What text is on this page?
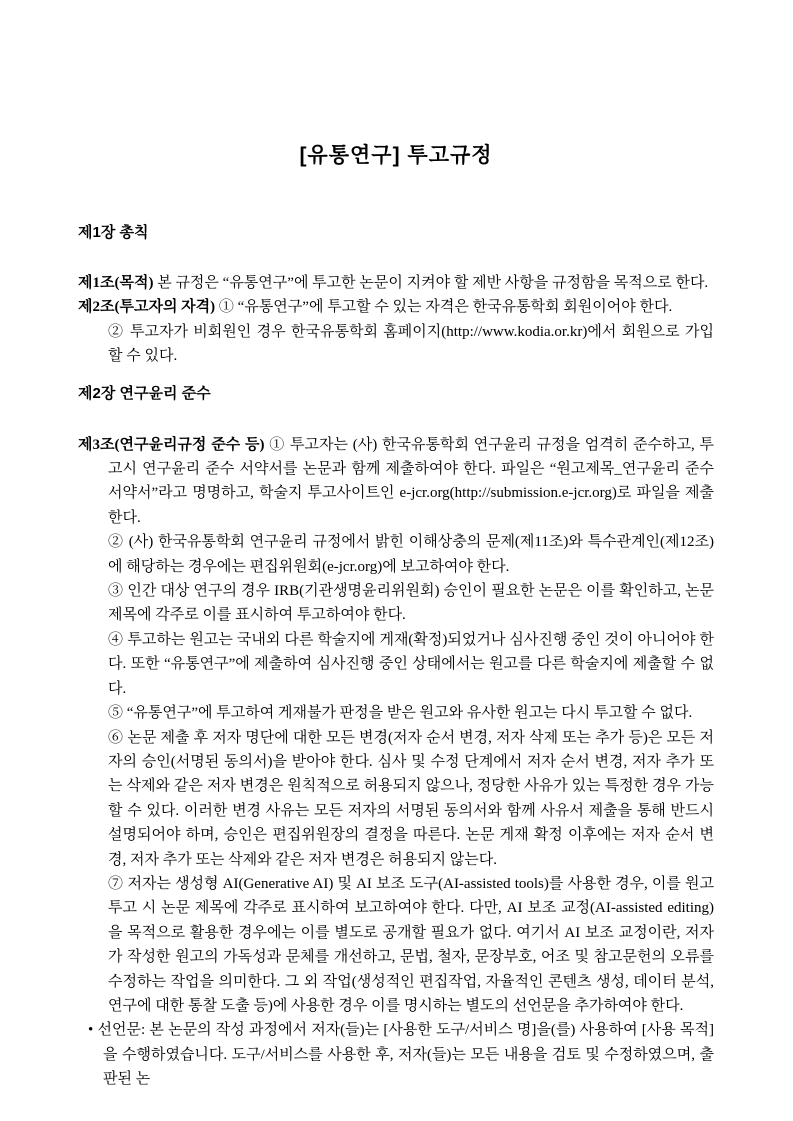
[유통연구] 투고규정
제1장 총칙
제1조(목적) 본 규정은 “유통연구”에 투고한 논문이 지켜야 할 제반 사항을 규정함을 목적으로 한다.
제2조(투고자의 자격) ① “유통연구”에 투고할 수 있는 자격은 한국유통학회 회원이어야 한다.
② 투고자가 비회원인 경우 한국유통학회 홈페이지(http://www.kodia.or.kr)에서 회원으로 가입할 수 있다.
제2장 연구윤리 준수
제3조(연구윤리규정 준수 등) ① 투고자는 (사) 한국유통학회 연구윤리 규정을 엄격히 준수하고, 투고시 연구윤리 준수 서약서를 논문과 함께 제출하여야 한다. 파일은 “원고제목_연구윤리 준수 서약서”라고 명명하고, 학술지 투고사이트인 e-jcr.org(http://submission.e-jcr.org)로 파일을 제출한다.
② (사) 한국유통학회 연구윤리 규정에서 밝힌 이해상충의 문제(제11조)와 특수관계인(제12조)에 해당하는 경우에는 편집위원회(e-jcr.org)에 보고하여야 한다.
③ 인간 대상 연구의 경우 IRB(기관생명윤리위원회) 승인이 필요한 논문은 이를 확인하고, 논문 제목에 각주로 이를 표시하여 투고하여야 한다.
④ 투고하는 원고는 국내외 다른 학술지에 게재(확정)되었거나 심사진행 중인 것이 아니어야 한다. 또한 “유통연구”에 제출하여 심사진행 중인 상태에서는 원고를 다른 학술지에 제출할 수 없다.
⑤ “유통연구”에 투고하여 게재불가 판정을 받은 원고와 유사한 원고는 다시 투고할 수 없다.
⑥ 논문 제출 후 저자 명단에 대한 모든 변경(저자 순서 변경, 저자 삭제 또는 추가 등)은 모든 저자의 승인(서명된 동의서)을 받아야 한다. 심사 및 수정 단계에서 저자 순서 변경, 저자 추가 또는 삭제와 같은 저자 변경은 원칙적으로 허용되지 않으나, 정당한 사유가 있는 특정한 경우 가능할 수 있다. 이러한 변경 사유는 모든 저자의 서명된 동의서와 함께 사유서 제출을 통해 반드시 설명되어야 하며, 승인은 편집위원장의 결정을 따른다. 논문 게재 확정 이후에는 저자 순서 변경, 저자 추가 또는 삭제와 같은 저자 변경은 허용되지 않는다.
⑦ 저자는 생성형 AI(Generative AI) 및 AI 보조 도구(AI-assisted tools)를 사용한 경우, 이를 원고 투고 시 논문 제목에 각주로 표시하여 보고하여야 한다. 다만, AI 보조 교정(AI-assisted editing)을 목적으로 활용한 경우에는 이를 별도로 공개할 필요가 없다. 여기서 AI 보조 교정이란, 저자가 작성한 원고의 가독성과 문체를 개선하고, 문법, 철자, 문장부호, 어조 및 참고문헌의 오류를 수정하는 작업을 의미한다. 그 외 작업(생성적인 편집작업, 자율적인 콘텐츠 생성, 데이터 분석, 연구에 대한 통찰 도출 등)에 사용한 경우 이를 명시하는 별도의 선언문을 추가하여야 한다.
• 선언문: 본 논문의 작성 과정에서 저자(들)는 [사용한 도구/서비스 명]을(를) 사용하여 [사용 목적]을 수행하였습니다. 도구/서비스를 사용한 후, 저자(들)는 모든 내용을 검토 및 수정하였으며, 출판된 논
